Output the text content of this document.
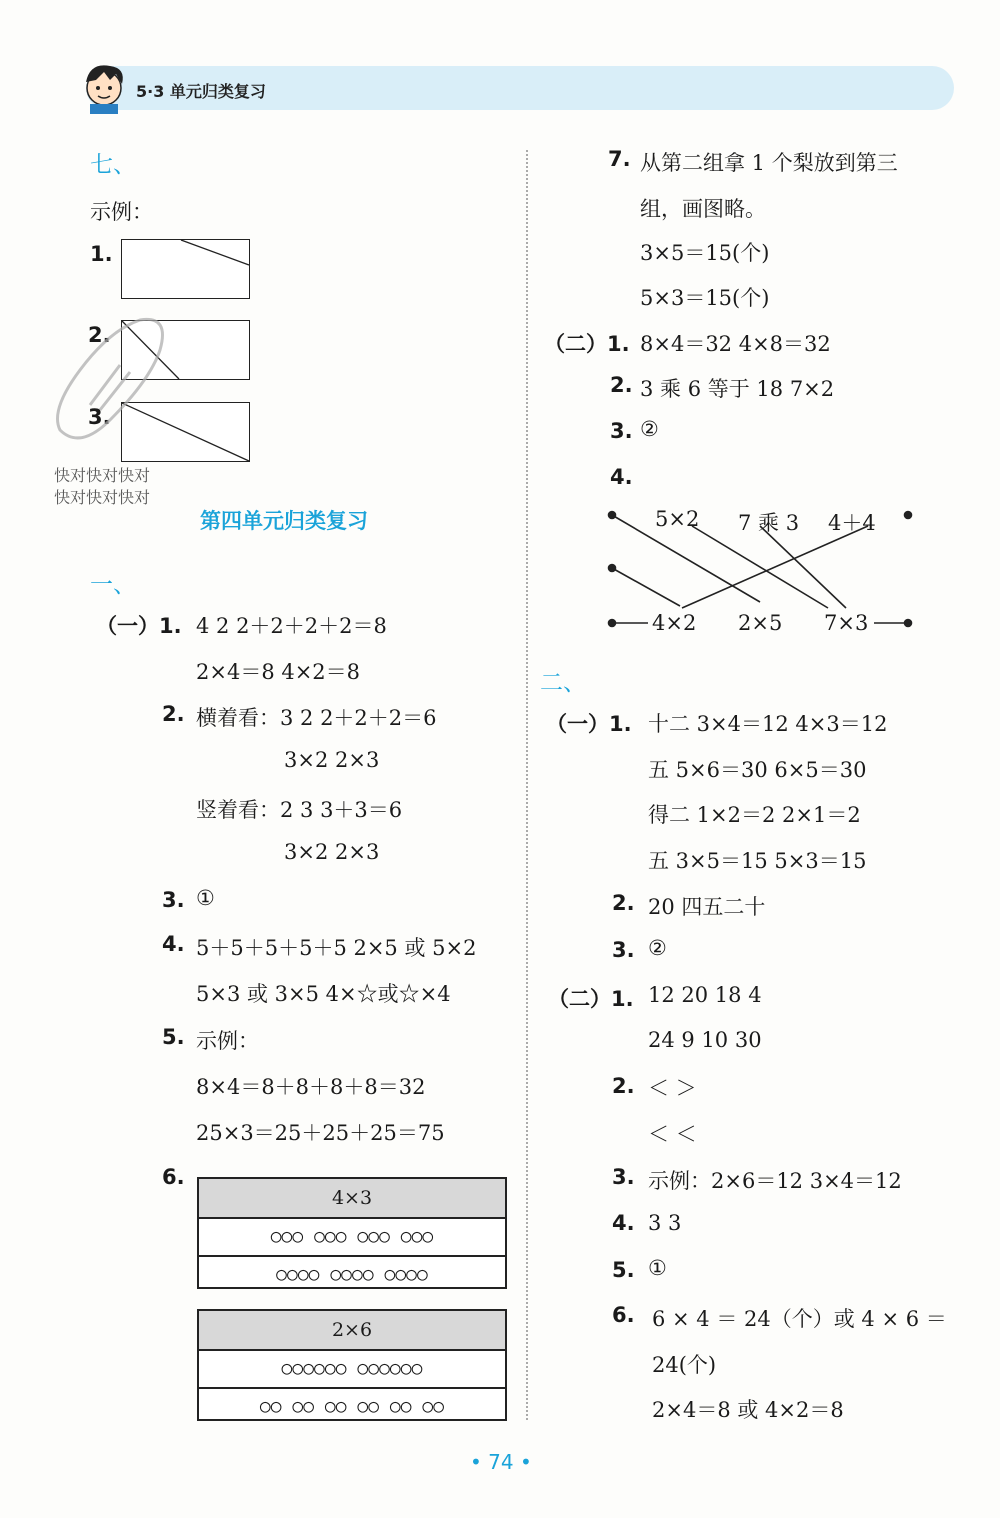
5·3 单元归类复习
七、
示例：
1.
2.
3.
快对快对快对
快对快对快对
第四单元归类复习
一、
（一）1. 4 2 2＋2＋2＋2＝8
2×4＝8 4×2＝8
2. 横着看：3 2 2＋2＋2＝6
3×2 2×3
竖着看：2 3 3＋3＝6
3×2 2×3
3. ①
4. 5＋5＋5＋5＋5 2×5 或 5×2
5×3 或 3×5 4×☆或☆×4
5. 示例：
8×4＝8＋8＋8＋8＝32
25×3＝25＋25＋25＝75
6.
4×3
○○○ ○○○ ○○○ ○○○
○○○○ ○○○○ ○○○○
2×6
○○○○○○ ○○○○○○
○○ ○○ ○○ ○○ ○○ ○○
7. 从第二组拿 1 个梨放到第三
组，画图略。
3×5＝15(个)
5×3＝15(个)
（二）1. 8×4＝32 4×8＝32
2. 3 乘 6 等于 18 7×2
3. ②
4.
5×2 7 乘 3 4＋4
4×2 2×5 7×3
二、
（一）1. 十二 3×4＝12 4×3＝12
五 5×6＝30 6×5＝30
得二 1×2＝2 2×1＝2
五 3×5＝15 5×3＝15
2. 20 四五二十
3. ②
（二）1. 12 20 18 4
24 9 10 30
2. ＜ ＞
＜ ＜
3. 示例：2×6＝12 3×4＝12
4. 3 3
5. ①
6. 6 × 4 ＝ 24（个）或 4 × 6 ＝
24(个)
2×4＝8 或 4×2＝8
• 74 •
